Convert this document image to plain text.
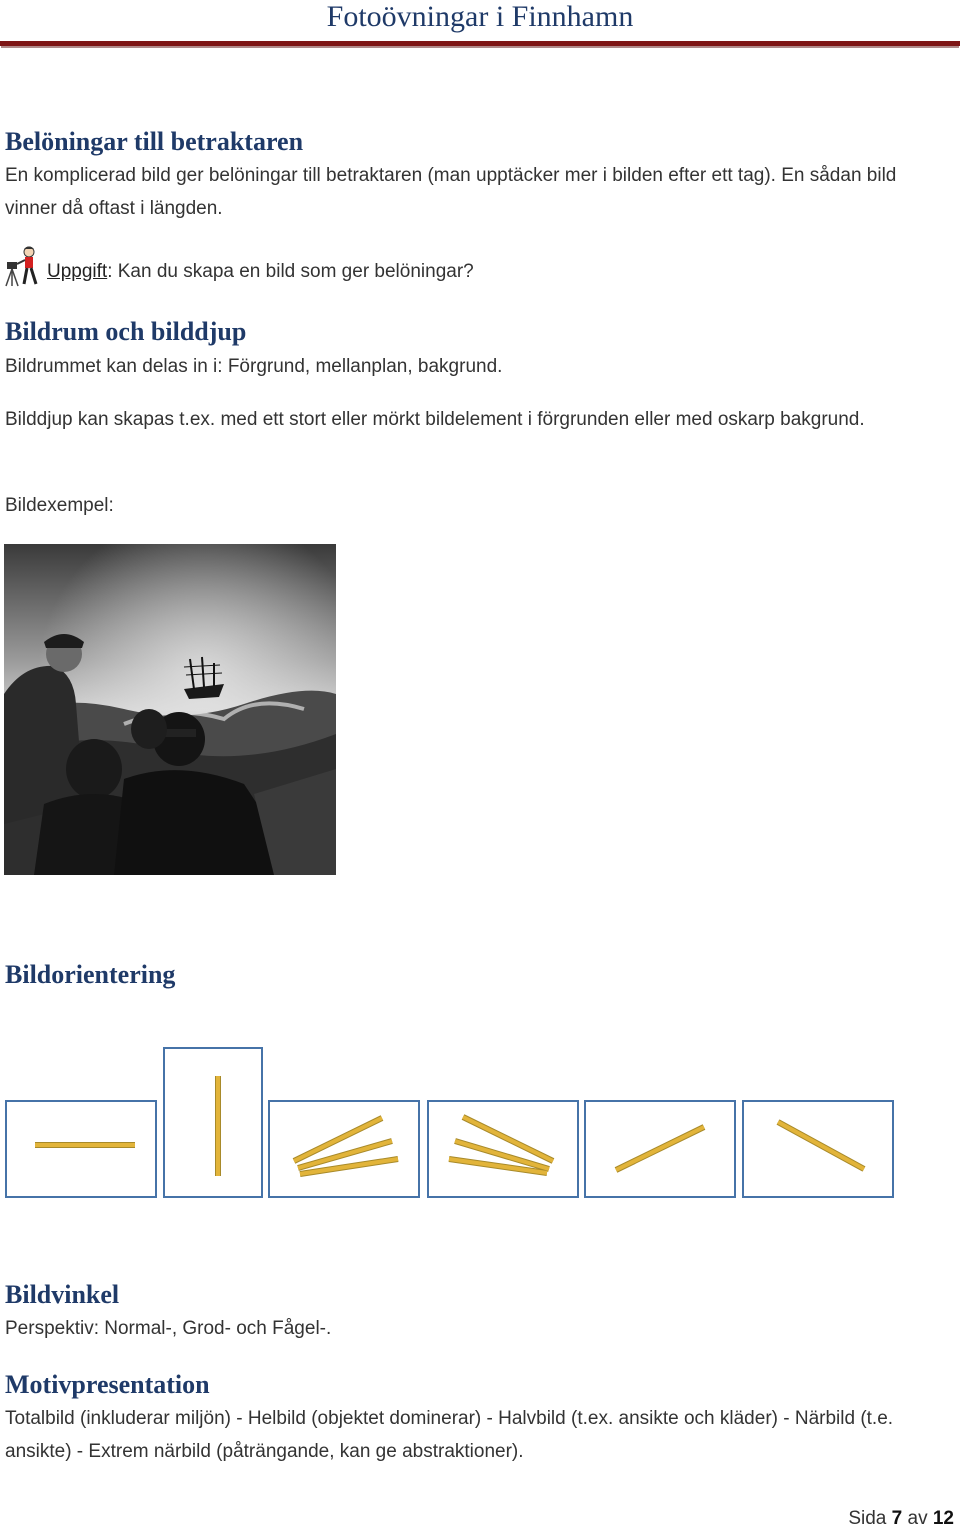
Fotoövningar i Finnhamn
Belöningar till betraktaren

En komplicerad bild ger belöningar till betraktaren (man upptäcker mer i bilden efter ett tag). En sådan bild vinner då oftast i längden.

Uppgift: Kan du skapa en bild som ger belöningar?
Bildrum och bilddjup

Bildrummet kan delas in i: Förgrund, mellanplan, bakgrund.

Bilddjup kan skapas t.ex. med ett stort eller mörkt bildelement i förgrunden eller med oskarp bakgrund.

Bildexempel:

Bildorientering
Bildvinkel

Perspektiv: Normal-, Grod- och Fågel-.

Motivpresentation

Totalbild (inkluderar miljön) - Helbild (objektet dominerar) - Halvbild (t.ex. ansikte och kläder) - Närbild (t.e. ansikte) - Extrem närbild (påträngande, kan ge abstraktioner).

Sida 7 av 12
